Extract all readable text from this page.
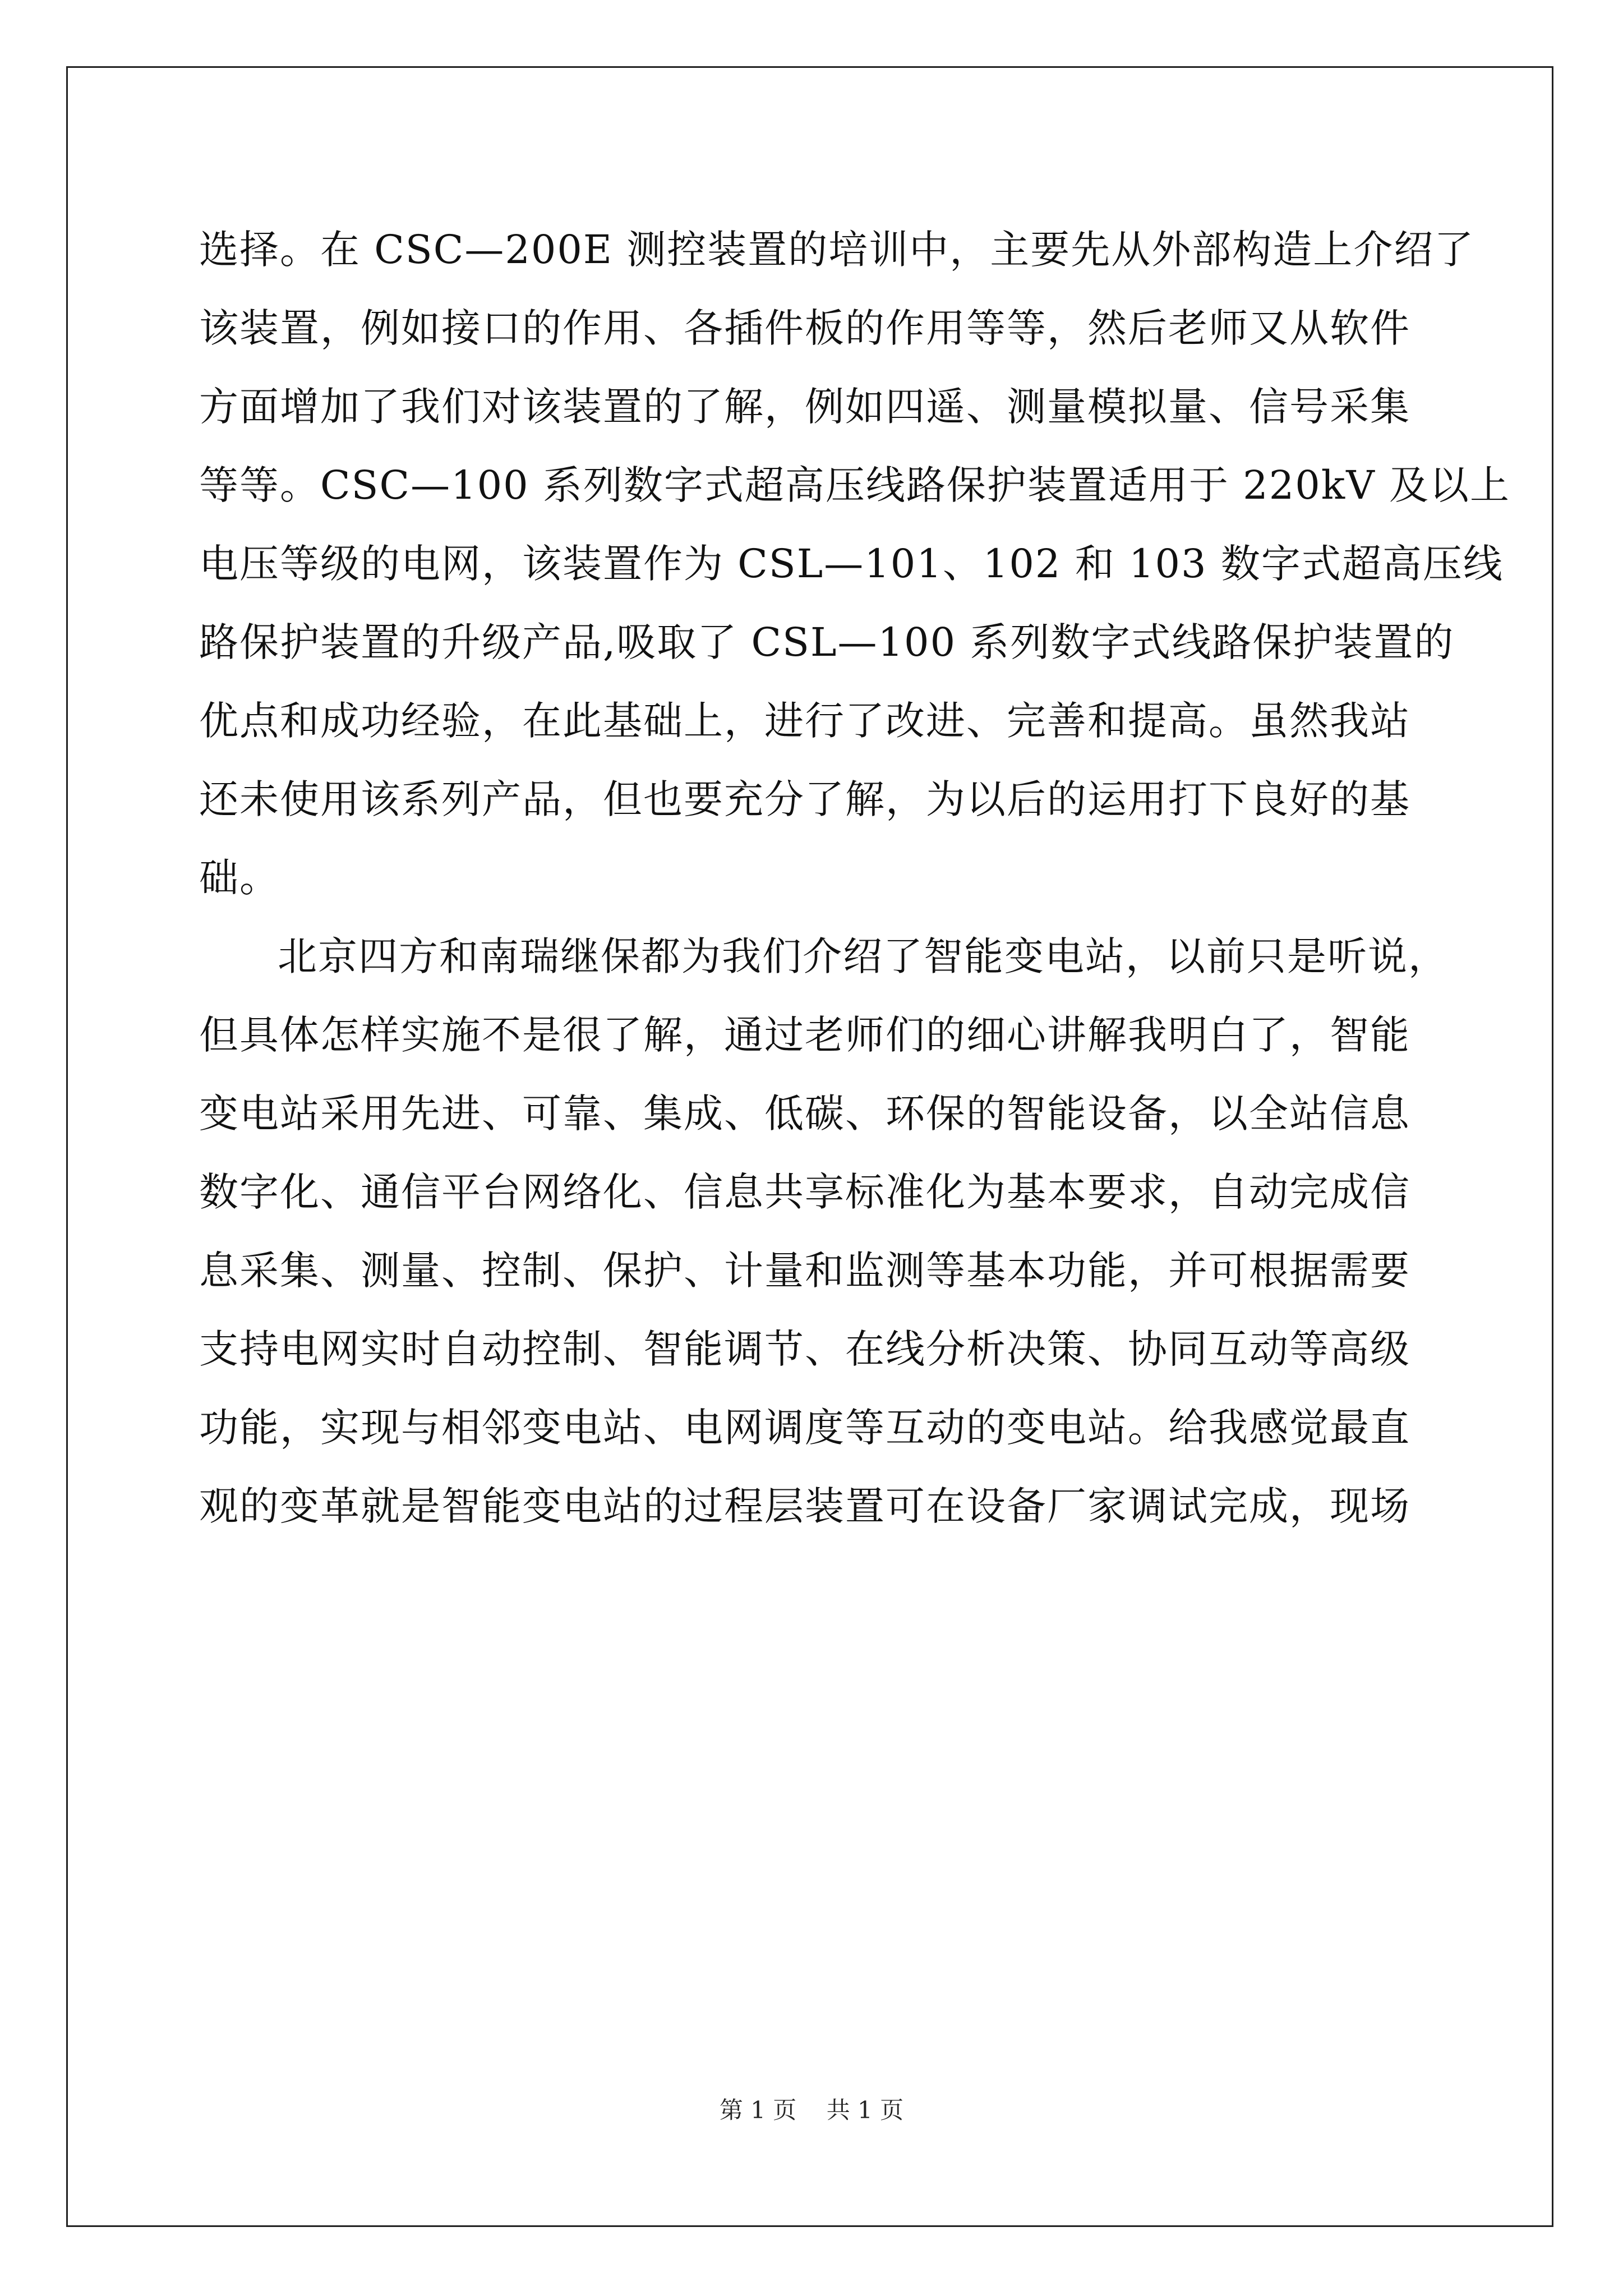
选择。在 CSC—200E 测控装置的培训中，主要先从外部构造上介绍了
该装置，例如接口的作用、各插件板的作用等等，然后老师又从软件
方面增加了我们对该装置的了解，例如四遥、测量模拟量、信号采集
等等。CSC—100 系列数字式超高压线路保护装置适用于 220kV 及以上
电压等级的电网，该装置作为 CSL—101、102 和 103 数字式超高压线
路保护装置的升级产品,吸取了 CSL—100 系列数字式线路保护装置的
优点和成功经验，在此基础上，进行了改进、完善和提高。虽然我站
还未使用该系列产品，但也要充分了解，为以后的运用打下良好的基
础。
北京四方和南瑞继保都为我们介绍了智能变电站，以前只是听说，
但具体怎样实施不是很了解，通过老师们的细心讲解我明白了，智能
变电站采用先进、可靠、集成、低碳、环保的智能设备，以全站信息
数字化、通信平台网络化、信息共享标准化为基本要求，自动完成信
息采集、测量、控制、保护、计量和监测等基本功能，并可根据需要
支持电网实时自动控制、智能调节、在线分析决策、协同互动等高级
功能，实现与相邻变电站、电网调度等互动的变电站。给我感觉最直
观的变革就是智能变电站的过程层装置可在设备厂家调试完成，现场
第 1 页    共 1 页
